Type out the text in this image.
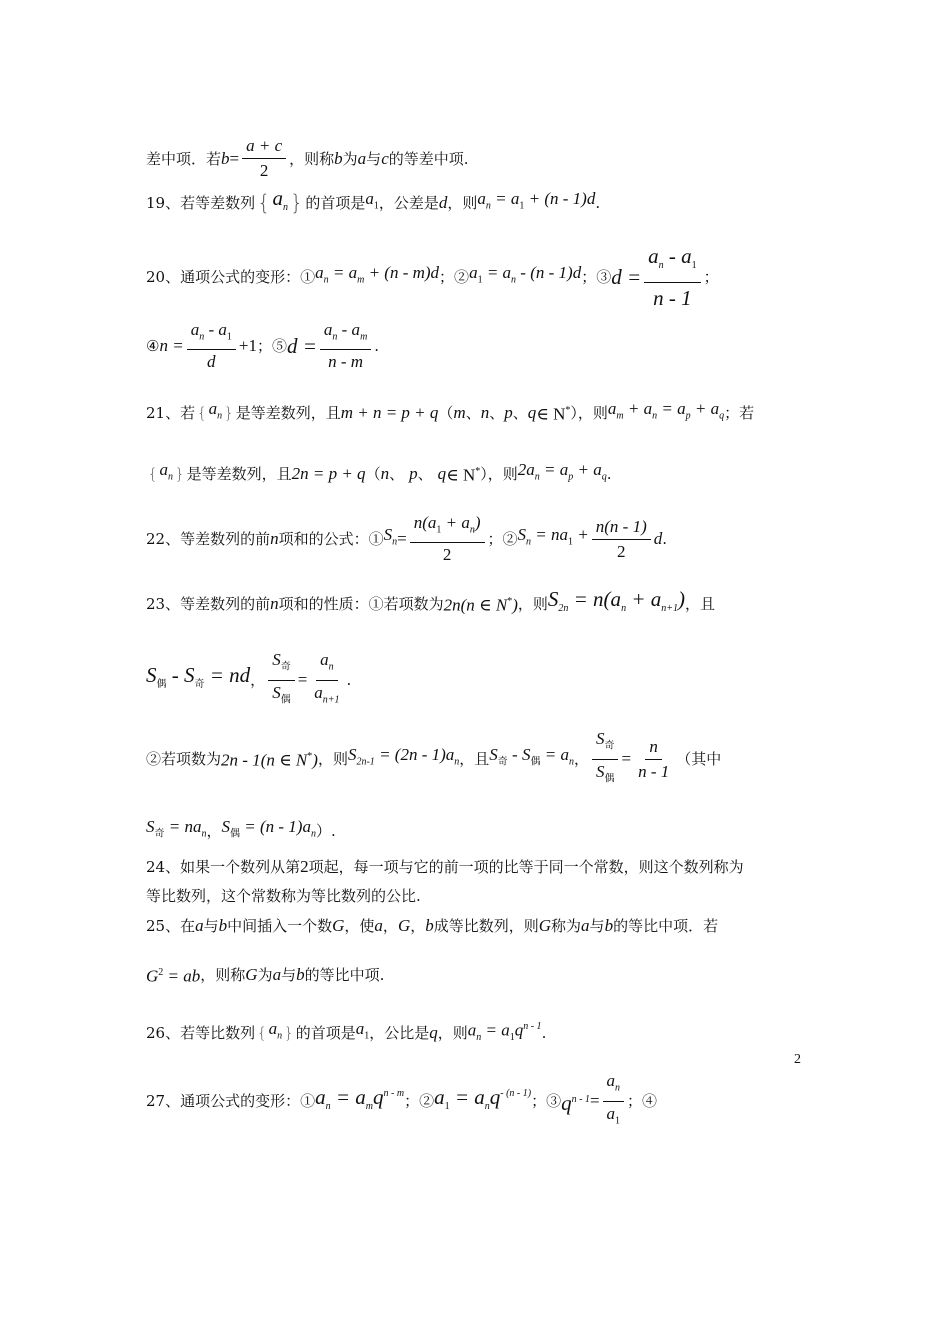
差中项．若 $b = \frac{a + c}{2}$ ，则称 b 为 a 与 c 的等差中项.
19、若等差数列 { $a_n$ } 的首项是 $a_1$ ，公差是 d ，则 $a_n = a_1 + (n - 1)d$ .
20、通项公式的变形：① $a_n = a_m + (n - m)d$ ；② $a_1 = a_n - (n - 1)d$ ；③ $d = \frac{a_n - a_1}{n - 1}$ ；
④ $n = \frac{a_n - a_1}{d} +1$ ；⑤ $d = \frac{a_n - a_m}{n - m}$ .
21、若 { $a_n$ } 是等差数列，且 m + n = p + q （ m 、 n 、 p 、 q ∈ N* ），则 $a_m + a_n = a_p + a_q$ ；若
{ $a_n$ } 是等差数列，且 2n = p + q （ n 、 p 、 q ∈ N* ），则 $2a_n = a_p + a_q$ .
22、等差数列的前 n 项和的公式：① $S_n = \frac{n(a_1 + a_n)}{2}$ ；② $S_n = na_1 + \frac{n(n - 1)}{2}$ d .
23、等差数列的前 n 项和的性质：①若项数为 2n(n ∈ N*) ，则 $S_{2n} = n(a_n + a_{n+1})$ ，且
$S_偶 - S_奇$ = nd ， $\frac{S_奇}{S_偶} = \frac{a_n}{a_{n+1}}$ .
②若项数为 2n - 1(n ∈ N*) ，则 $S_{2n-1} = (2n - 1)a_n$ ，且 $S_奇 - S_偶 = a_n$ ， $\frac{S_奇}{S_偶} = \frac{n}{n - 1}$ （其中
$S_奇 = na_n$ ， $S_偶 = (n - 1)a_n$ ）.
24、如果一个数列从第 2 项起，每一项与它的前一项的比等于同一个常数，则这个数列称为
等比数列，这个常数称为等比数列的公比.
25、在 a 与 b 中间插入一个数 G ，使 a ， G ， b 成等比数列，则 G 称为 a 与 b 的等比中项．若
$G^2$ = ab ，则称 G 为 a 与 b 的等比中项.
26、若等比数列 { $a_n$ } 的首项是 $a_1$ ，公比是 q ，则 $a_n = a_1q^{n - 1}$ .
27、通项公式的变形：① $a_n = a_mq^{n - m}$ ；② $a_1 = a_nq^{- (n - 1)}$ ；③ $q^{n - 1} = \frac{a_n}{a_1}$ ；④
2
